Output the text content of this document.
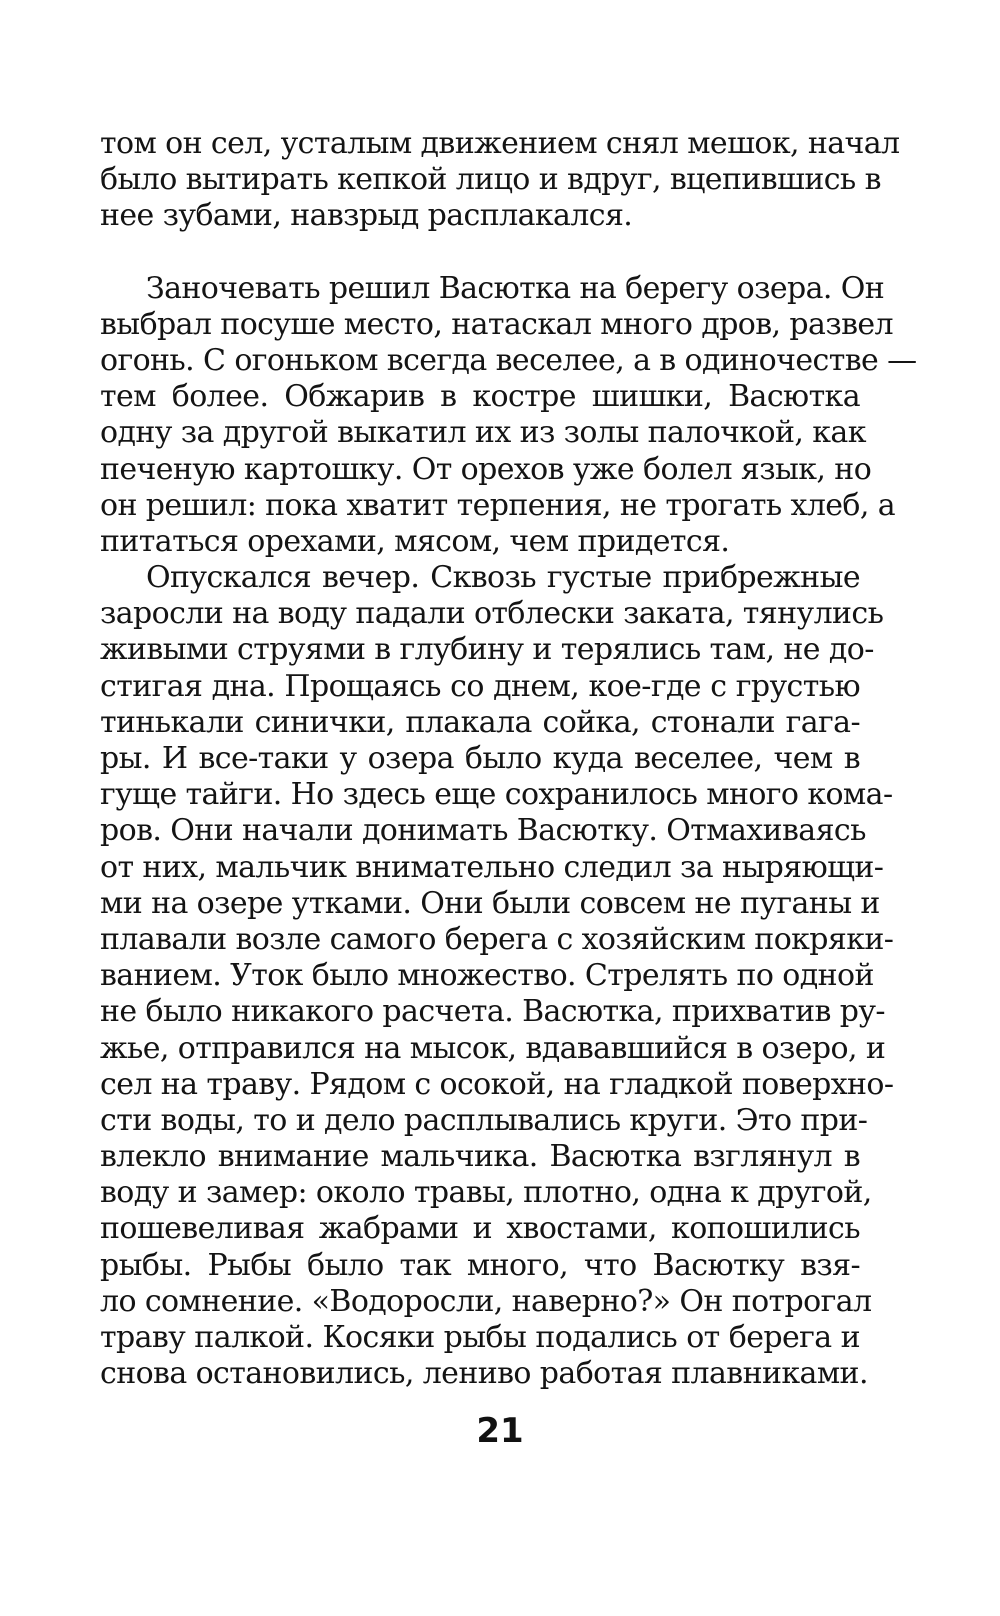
том он сел, усталым движением снял мешок, начал
было вытирать кепкой лицо и вдруг, вцепившись в
нее зубами, навзрыд расплакался.
Заночевать решил Васютка на берегу озера. Он
выбрал посуше место, натаскал много дров, развел
огонь. С огоньком всегда веселее, а в одиночестве —
тем более. Обжарив в костре шишки, Васютка
одну за другой выкатил их из золы палочкой, как
печеную картошку. От орехов уже болел язык, но
он решил: пока хватит терпения, не трогать хлеб, а
питаться орехами, мясом, чем придется.
Опускался вечер. Сквозь густые прибрежные
заросли на воду падали отблески заката, тянулись
живыми струями в глубину и терялись там, не до-
стигая дна. Прощаясь со днем, кое-где с грустью
тинькали синички, плакала сойка, стонали гага-
ры. И все-таки у озера было куда веселее, чем в
гуще тайги. Но здесь еще сохранилось много кома-
ров. Они начали донимать Васютку. Отмахиваясь
от них, мальчик внимательно следил за ныряющи-
ми на озере утками. Они были совсем не пуганы и
плавали возле самого берега с хозяйским покряки-
ванием. Уток было множество. Стрелять по одной
не было никакого расчета. Васютка, прихватив ру-
жье, отправился на мысок, вдававшийся в озеро, и
сел на траву. Рядом с осокой, на гладкой поверхно-
сти воды, то и дело расплывались круги. Это при-
влекло внимание мальчика. Васютка взглянул в
воду и замер: около травы, плотно, одна к другой,
пошевеливая жабрами и хвостами, копошились
рыбы. Рыбы было так много, что Васютку взя-
ло сомнение. «Водоросли, наверно?» Он потрогал
траву палкой. Косяки рыбы подались от берега и
снова остановились, лениво работая плавниками.
21
